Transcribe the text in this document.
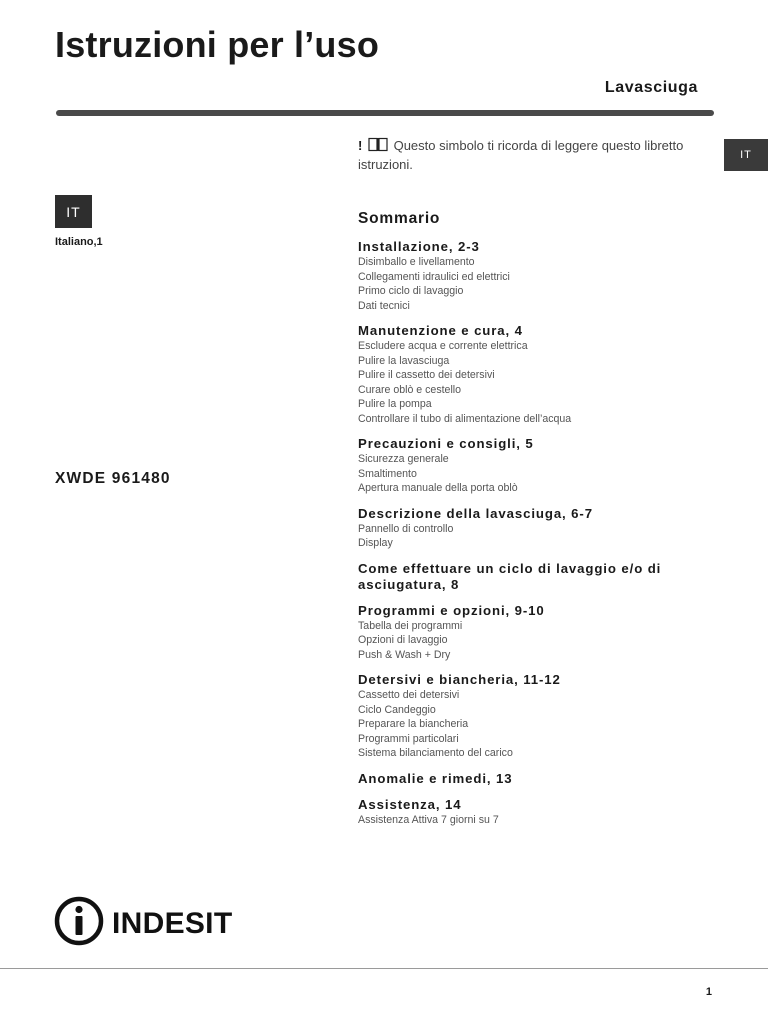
Istruzioni per l’uso
Lavasciuga
IT
Italiano,1
XWDE 961480
IT
! Questo simbolo ti ricorda di leggere questo libretto istruzioni.
Sommario
Installazione, 2-3
Disimballo e livellamento
Collegamenti idraulici ed elettrici
Primo ciclo di lavaggio
Dati tecnici
Manutenzione e cura, 4
Escludere acqua e corrente elettrica
Pulire la lavasciuga
Pulire il cassetto dei detersivi
Curare oblò e cestello
Pulire la pompa
Controllare il tubo di alimentazione dell’acqua
Precauzioni e consigli, 5
Sicurezza generale
Smaltimento
Apertura manuale della porta oblò
Descrizione della lavasciuga, 6-7
Pannello di controllo
Display
Come effettuare un ciclo di lavaggio e/o di asciugatura, 8
Programmi e opzioni, 9-10
Tabella dei programmi
Opzioni di lavaggio
Push & Wash + Dry
Detersivi e biancheria, 11-12
Cassetto dei detersivi
Ciclo Candeggio
Preparare la biancheria
Programmi particolari
Sistema bilanciamento del carico
Anomalie e rimedi, 13
Assistenza, 14
Assistenza Attiva 7 giorni su 7
INDESIT
1
